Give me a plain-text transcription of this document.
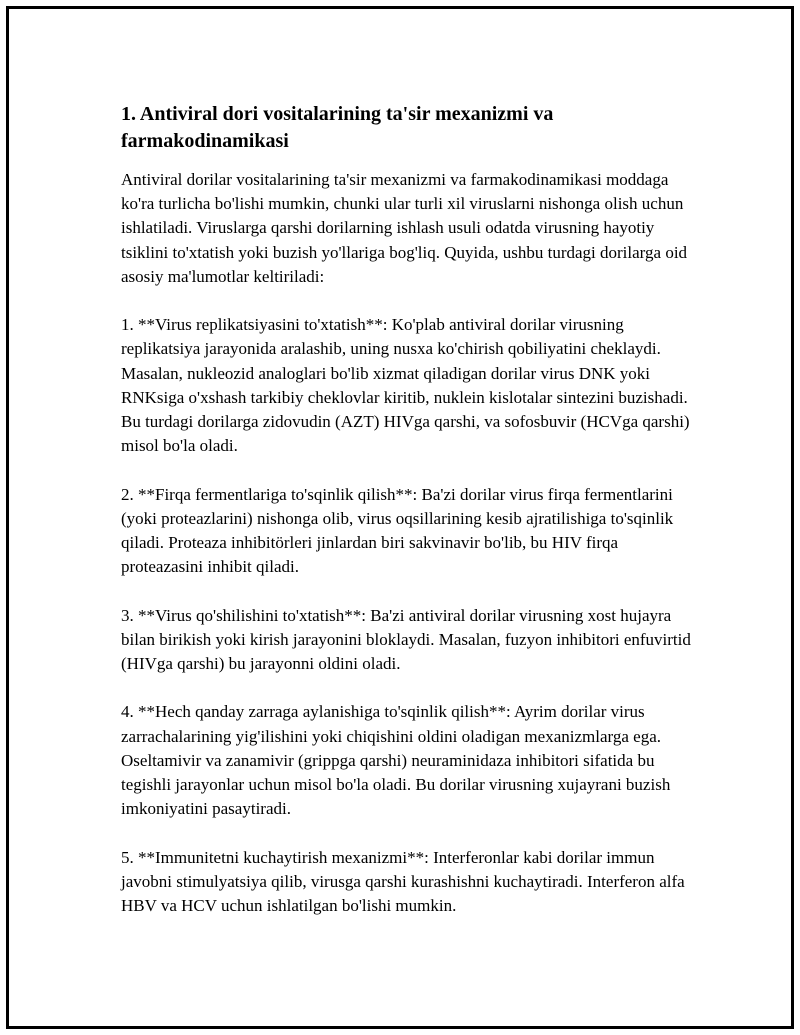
1. Antiviral dori vositalarining ta'sir mexanizmi va farmakodinamikasi

Antiviral dorilar vositalarining ta'sir mexanizmi va farmakodinamikasi moddaga ko'ra turlicha bo'lishi mumkin, chunki ular turli xil viruslarni nishonga olish uchun ishlatiladi. Viruslarga qarshi dorilarning ishlash usuli odatda virusning hayotiy tsiklini to'xtatish yoki buzish yo'llariga bog'liq. Quyida, ushbu turdagi dorilarga oid asosiy ma'lumotlar keltiriladi:

1. **Virus replikatsiyasini to'xtatish**: Ko'plab antiviral dorilar virusning replikatsiya jarayonida aralashib, uning nusxa ko'chirish qobiliyatini cheklaydi. Masalan, nukleozid analoglari bo'lib xizmat qiladigan dorilar virus DNK yoki RNKsiga o'xshash tarkibiy cheklovlar kiritib, nuklein kislotalar sintezini buzishadi. Bu turdagi dorilarga zidovudin (AZT) HIVga qarshi, va sofosbuvir (HCVga qarshi) misol bo'la oladi.

2. **Firqa fermentlariga to'sqinlik qilish**: Ba'zi dorilar virus firqa fermentlarini (yoki proteazlarini) nishonga olib, virus oqsillarining kesib ajratilishiga to'sqinlik qiladi. Proteaza inhibitörleri jinlardan biri sakvinavir bo'lib, bu HIV firqa proteazasini inhibit qiladi.

3. **Virus qo'shilishini to'xtatish**: Ba'zi antiviral dorilar virusning xost hujayra bilan birikish yoki kirish jarayonini bloklaydi. Masalan, fuzyon inhibitori enfuvirtid (HIVga qarshi) bu jarayonni oldini oladi.

4. **Hech qanday zarraga aylanishiga to'sqinlik qilish**: Ayrim dorilar virus zarrachalarining yig'ilishini yoki chiqishini oldini oladigan mexanizmlarga ega. Oseltamivir va zanamivir (grippga qarshi) neuraminidaza inhibitori sifatida bu tegishli jarayonlar uchun misol bo'la oladi. Bu dorilar virusning xujayrani buzish imkoniyatini pasaytiradi.

5. **Immunitetni kuchaytirish mexanizmi**: Interferonlar kabi dorilar immun javobni stimulyatsiya qilib, virusga qarshi kurashishni kuchaytiradi. Interferon alfa HBV va HCV uchun ishlatilgan bo'lishi mumkin.
